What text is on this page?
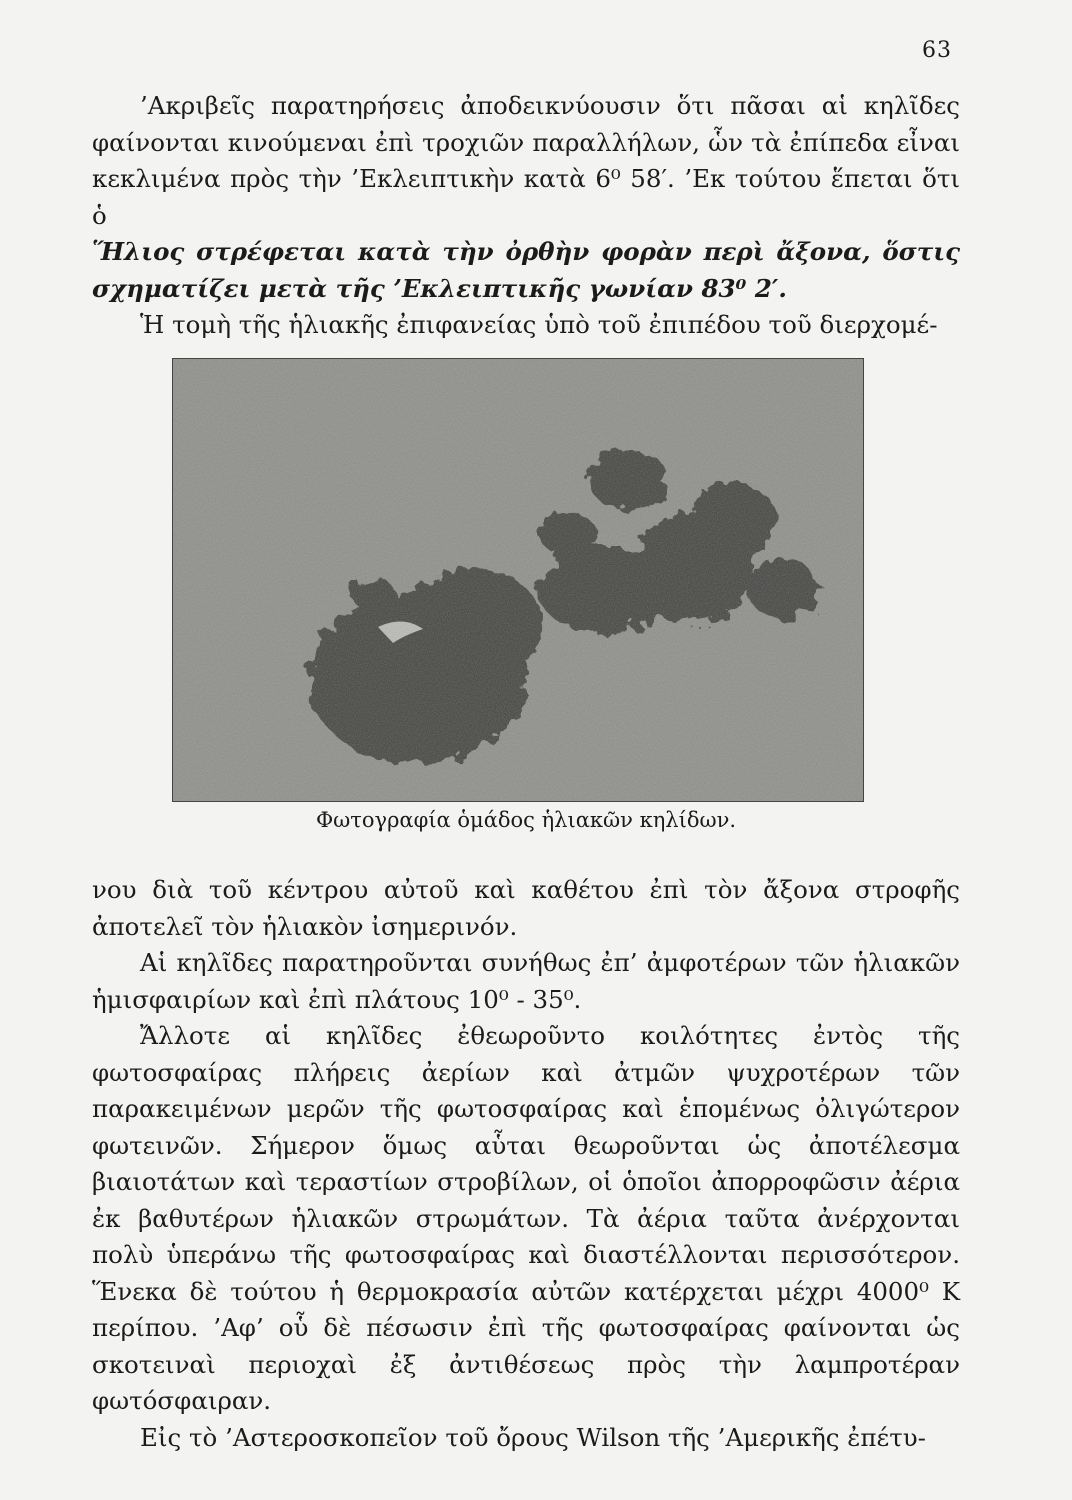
63

’Ακριβεῖς παρατηρήσεις ἀποδεικνύουσιν ὅτι πᾶσαι αἱ κηλῖδες φαίνονται κινούμεναι ἐπὶ τροχιῶν παραλλήλων, ὧν τὰ ἐπίπεδα εἶναι κεκλιμένα πρὸς τὴν ’Εκλειπτικὴν κατὰ 6⁰ 58′. ’Εκ τούτου ἕπεται ὅτι ὁ

Ἥλιος στρέφεται κατὰ τὴν ὀρθὴν φορὰν περὶ ἄξονα, ὅστις σχηματίζει μετὰ τῆς ’Εκλειπτικῆς γωνίαν 83⁰ 2′.

Ἡ τομὴ τῆς ἡλιακῆς ἐπιφανείας ὑπὸ τοῦ ἐπιπέδου τοῦ διερχομέ-

Φωτογραφία ὁμάδος ἡλιακῶν κηλίδων.

νου διὰ τοῦ κέντρου αὐτοῦ καὶ καθέτου ἐπὶ τὸν ἄξονα στροφῆς ἀποτελεῖ τὸν ἡλιακὸν ἰσημερινόν.

Αἱ κηλῖδες παρατηροῦνται συνήθως ἐπ’ ἀμφοτέρων τῶν ἡλιακῶν ἡμισφαιρίων καὶ ἐπὶ πλάτους 10⁰ - 35⁰.

Ἄλλοτε αἱ κηλῖδες ἐθεωροῦντο κοιλότητες ἐντὸς τῆς φωτοσφαίρας πλήρεις ἀερίων καὶ ἀτμῶν ψυχροτέρων τῶν παρακειμένων μερῶν τῆς φωτοσφαίρας καὶ ἑπομένως ὀλιγώτερον φωτεινῶν. Σήμερον ὅμως αὗται θεωροῦνται ὡς ἀποτέλεσμα βιαιοτάτων καὶ τεραστίων στροβίλων, οἱ ὁποῖοι ἀπορροφῶσιν ἀέρια ἐκ βαθυτέρων ἡλιακῶν στρωμάτων. Τὰ ἀέρια ταῦτα ἀνέρχονται πολὺ ὑπεράνω τῆς φωτοσφαίρας καὶ διαστέλλονται περισσότερον. Ἕνεκα δὲ τούτου ἡ θερμοκρασία αὐτῶν κατέρχεται μέχρι 4000⁰ K περίπου. ’Αφ’ οὗ δὲ πέσωσιν ἐπὶ τῆς φωτοσφαίρας φαίνονται ὡς σκοτειναὶ περιοχαὶ ἐξ ἀντιθέσεως πρὸς τὴν λαμπροτέραν φωτόσφαιραν.

Εἰς τὸ ’Αστεροσκοπεῖον τοῦ ὄρους Wilson τῆς ’Αμερικῆς ἐπέτυ-
